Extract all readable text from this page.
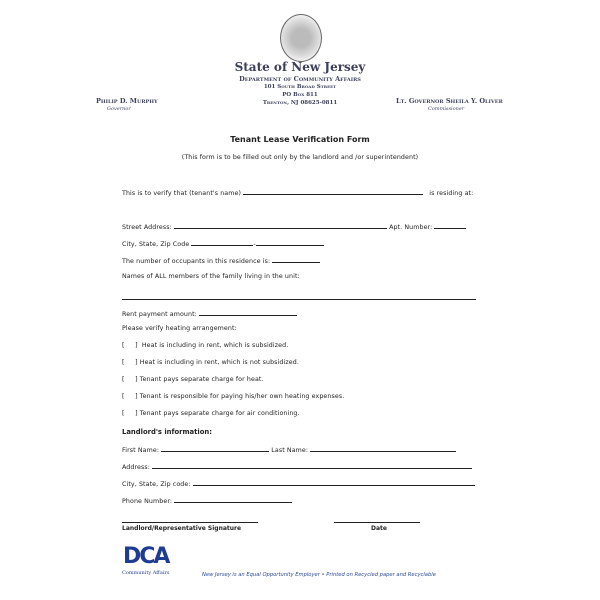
State of New Jersey
Department of Community Affairs
101 South Broad Street
PO Box 811
Trenton, NJ 08625-0811
Philip D. Murphy
Governor
Lt. Governor Sheila Y. Oliver
Commissioner
Tenant Lease Verification Form
(This form is to be filled out only by the landlord and /or superintendent)
This is to verify that (tenant's name)	is residing at:
Street Address:	Apt. Number:
City, State, Zip Code	-
The number of occupants in this residence is:
Names of ALL members of the family living in the unit:
Rent payment amount:
Please verify heating arrangement:
[     ] Heat is including in rent, which is subsidized.
[     ] Heat is including in rent, which is not subsidized.
[     ] Tenant pays separate charge for heat.
[     ] Tenant is responsible for paying his/her own heating expenses.
[     ] Tenant pays separate charge for air conditioning.
Landlord's information:
First Name:	Last Name:
Address:
City, State, Zip code:
Phone Number:
Landlord/Representative Signature	Date
DCA
Community Affairs	New Jersey is an Equal Opportunity Employer • Printed on Recycled paper and Recyclable
